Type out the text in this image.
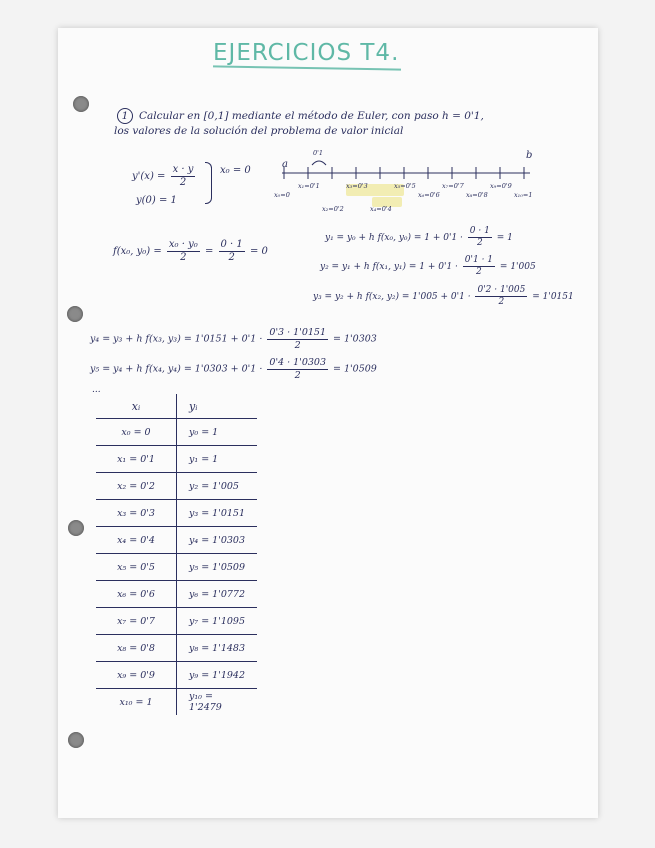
EJERCICIOS T4.
1 Calcular en [0,1] mediante el método de Euler, con paso h = 0'1,
los valores de la solución del problema de valor inicial
$y'(x) = \frac{x \cdot y}{2} x_0 = 0$
y(0) = 1
a
b
0'1
x₀=0
x₁=0'1
x₂=0'2
x₃=0'3
x₄=0'4
x₅=0'5
x₆=0'6
x₇=0'7
x₈=0'8
x₉=0'9
x₁₀=1
f(x₀, $y_0) = \frac{\text{x₀ · y₀}}{2} = \frac{0 \cdot 1}{2} = 0$
y₁ = y₀ + h f(x₀, $y_0) = 1 + 0'1 \cdot \frac{0 \cdot 1}{2} = 1$
y₂ = y₁ + h f(x₁, $y_1) = 1 + 0'1 \cdot \frac{0'1 \cdot 1}{2} = 1'005$
y₃ = y₂ + h f(x₂, $y_2) = 1'005 + 0'1 \cdot \frac{0'2 \cdot 1'005}{2} = 1'0151$
y₄ = y₃ + h f(x₃, $y_3) = 1'0151 + 0'1 \cdot \frac{0'3 \cdot 1'0151}{2} = 1'0303$
y₅ = y₄ + h f(x₄, $y_4) = 1'0303 + 0'1 \cdot \frac{0'4 \cdot 1'0303}{2} = 1'0509$
...
xᵢ	yᵢ
x₀ = 0	y₀ = 1
x₁ = 0'1	y₁ = 1
x₂ = 0'2	y₂ = 1'005
x₃ = 0'3	y₃ = 1'0151
x₄ = 0'4	y₄ = 1'0303
x₅ = 0'5	y₅ = 1'0509
x₆ = 0'6	y₆ = 1'0772
x₇ = 0'7	y₇ = 1'1095
x₈ = 0'8	y₈ = 1'1483
x₉ = 0'9	y₉ = 1'1942
x₁₀ = 1	y₁₀ = 1'2479
